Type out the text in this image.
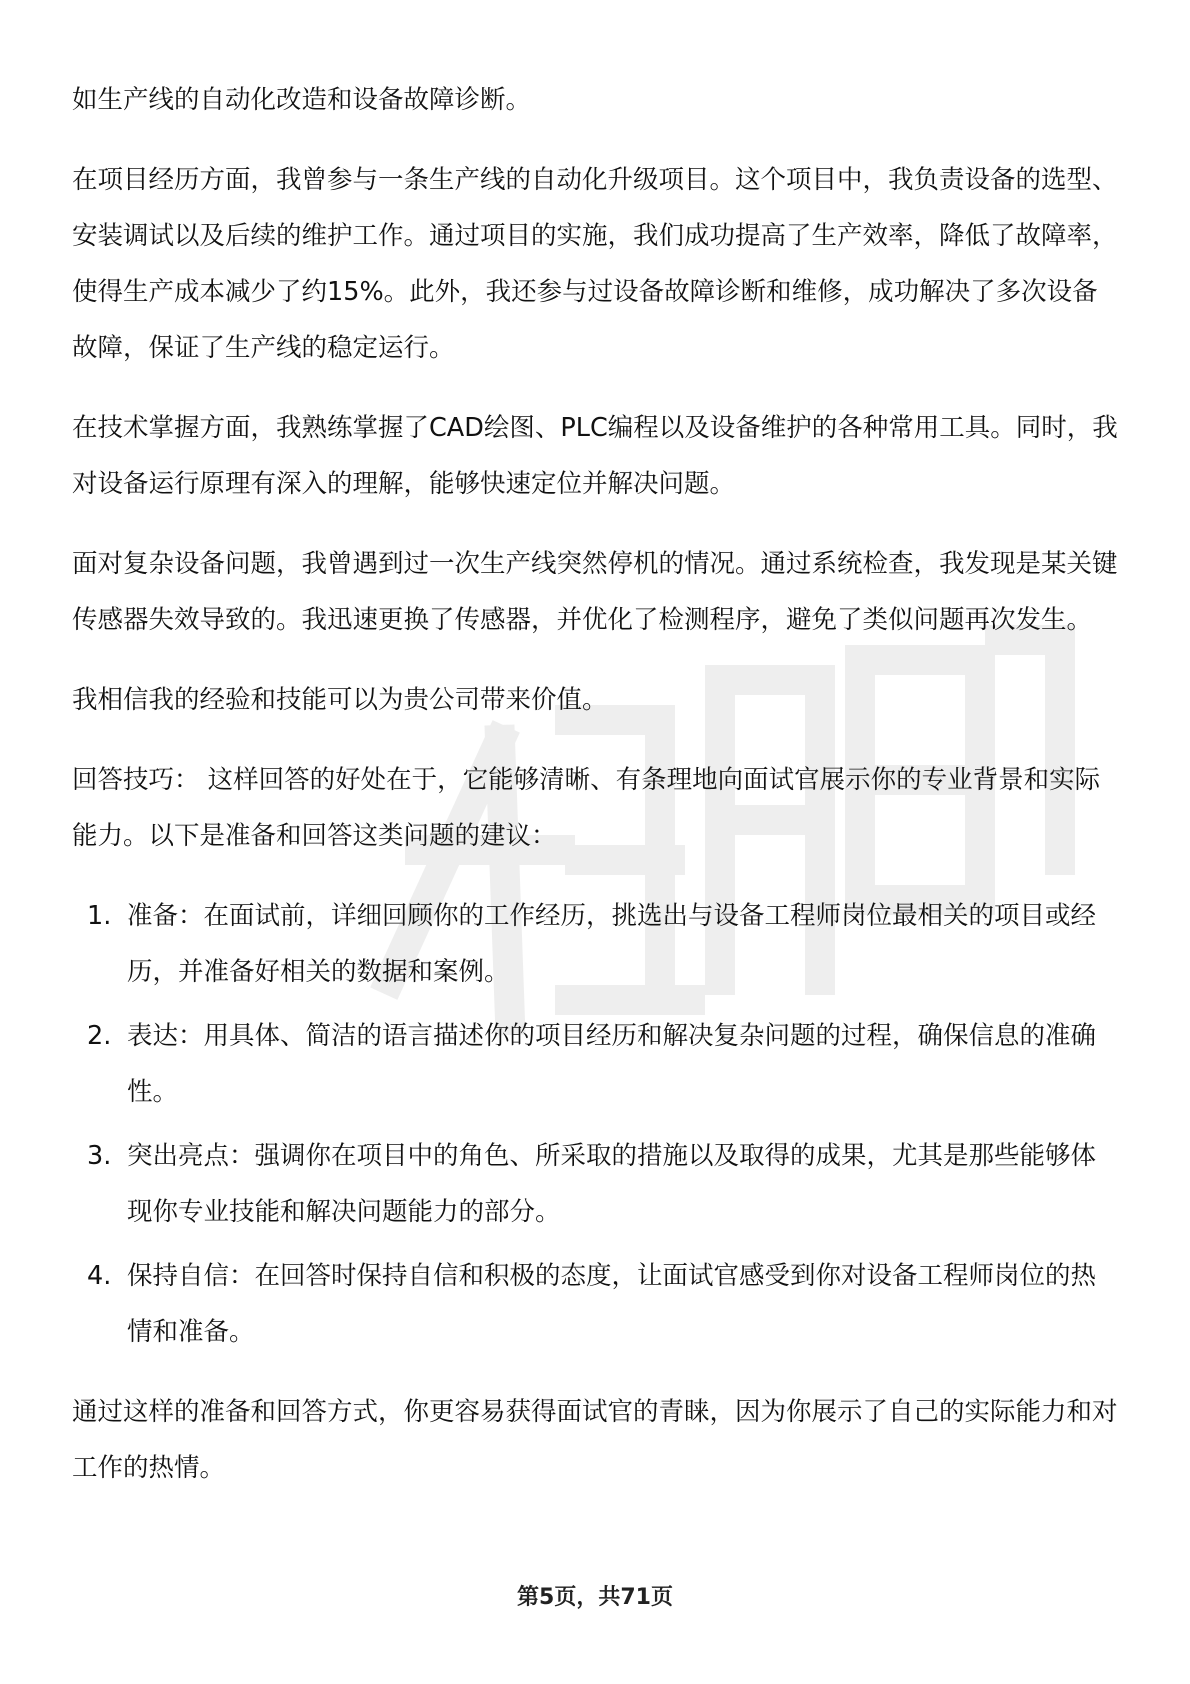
如生产线的自动化改造和设备故障诊断。

在项目经历方面，我曾参与一条生产线的自动化升级项目。这个项目中，我负责设备的选型、安装调试以及后续的维护工作。通过项目的实施，我们成功提高了生产效率，降低了故障率，使得生产成本减少了约15%。此外，我还参与过设备故障诊断和维修，成功解决了多次设备故障，保证了生产线的稳定运行。

在技术掌握方面，我熟练掌握了CAD绘图、PLC编程以及设备维护的各种常用工具。同时，我对设备运行原理有深入的理解，能够快速定位并解决问题。

面对复杂设备问题，我曾遇到过一次生产线突然停机的情况。通过系统检查，我发现是某关键传感器失效导致的。我迅速更换了传感器，并优化了检测程序，避免了类似问题再次发生。

我相信我的经验和技能可以为贵公司带来价值。

回答技巧： 这样回答的好处在于，它能够清晰、有条理地向面试官展示你的专业背景和实际能力。以下是准备和回答这类问题的建议：

1. 准备：在面试前，详细回顾你的工作经历，挑选出与设备工程师岗位最相关的项目或经历，并准备好相关的数据和案例。
2. 表达：用具体、简洁的语言描述你的项目经历和解决复杂问题的过程，确保信息的准确性。
3. 突出亮点：强调你在项目中的角色、所采取的措施以及取得的成果，尤其是那些能够体现你专业技能和解决问题能力的部分。
4. 保持自信：在回答时保持自信和积极的态度，让面试官感受到你对设备工程师岗位的热情和准备。

通过这样的准备和回答方式，你更容易获得面试官的青睐，因为你展示了自己的实际能力和对工作的热情。

第5页，共71页
